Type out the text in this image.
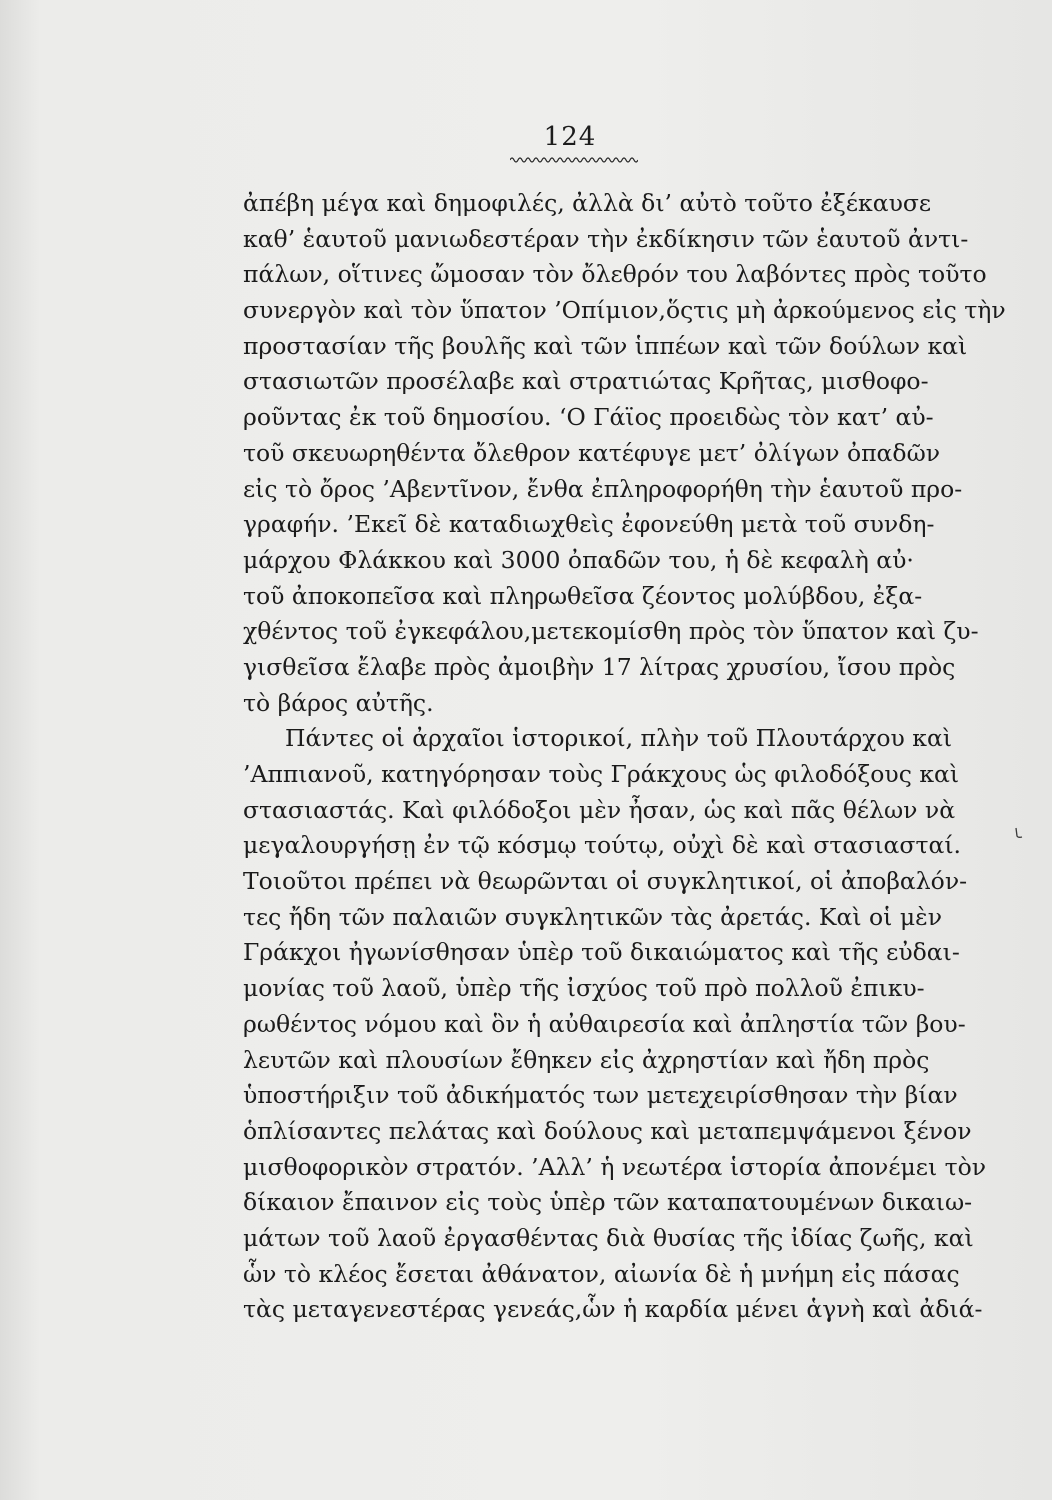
124
ἀπέβη μέγα καὶ δημοφιλές, ἀλλὰ δι’ αὐτὸ τοῦτο ἐξέκαυσε
καθ’ ἑαυτοῦ μανιωδεστέραν τὴν ἐκδίκησιν τῶν ἑαυτοῦ ἀντι-
πάλων, οἵτινες ὤμοσαν τὸν ὄλεθρόν του λαβόντες πρὸς τοῦτο
συνεργὸν καὶ τὸν ὕπατον ’Οπίμιον,ὅςτις μὴ ἀρκούμενος εἰς τὴν
προστασίαν τῆς βουλῆς καὶ τῶν ἱππέων καὶ τῶν δούλων καὶ
στασιωτῶν προσέλαβε καὶ στρατιώτας Κρῆτας, μισθοφο-
ροῦντας ἐκ τοῦ δημοσίου. ‘Ο Γάϊος προειδὼς τὸν κατ’ αὐ-
τοῦ σκευωρηθέντα ὄλεθρον κατέφυγε μετ’ ὀλίγων ὀπαδῶν
εἰς τὸ ὄρος ’Αβεντῖνον, ἔνθα ἐπληροφορήθη τὴν ἑαυτοῦ προ-
γραφήν. ’Εκεῖ δὲ καταδιωχθεὶς ἐφονεύθη μετὰ τοῦ συνδη-
μάρχου Φλάκκου καὶ 3000 ὀπαδῶν του, ἡ δὲ κεφαλὴ αὐ·
τοῦ ἀποκοπεῖσα καὶ πληρωθεῖσα ζέοντος μολύβδου, ἐξα-
χθέντος τοῦ ἐγκεφάλου,μετεκομίσθη πρὸς τὸν ὕπατον καὶ ζυ-
γισθεῖσα ἔλαβε πρὸς ἀμοιβὴν 17 λίτρας χρυσίου, ἴσου πρὸς
τὸ βάρος αὐτῆς.
Πάντες οἱ ἀρχαῖοι ἱστορικοί, πλὴν τοῦ Πλουτάρχου καὶ
’Αππιανοῦ, κατηγόρησαν τοὺς Γράκχους ὡς φιλοδόξους καὶ
στασιαστάς. Καὶ φιλόδοξοι μὲν ἦσαν, ὡς καὶ πᾶς θέλων νὰ
μεγαλουργήσῃ ἐν τῷ κόσμῳ τούτῳ, οὐχὶ δὲ καὶ στασιασταί.
Τοιοῦτοι πρέπει νὰ θεωρῶνται οἱ συγκλητικοί, οἱ ἀποβαλόν-
τες ἤδη τῶν παλαιῶν συγκλητικῶν τὰς ἀρετάς. Καὶ οἱ μὲν
Γράκχοι ἠγωνίσθησαν ὑπὲρ τοῦ δικαιώματος καὶ τῆς εὐδαι-
μονίας τοῦ λαοῦ, ὑπὲρ τῆς ἰσχύος τοῦ πρὸ πολλοῦ ἐπικυ-
ρωθέντος νόμου καὶ ὃν ἡ αὐθαιρεσία καὶ ἀπληστία τῶν βου-
λευτῶν καὶ πλουσίων ἔθηκεν εἰς ἀχρηστίαν καὶ ἤδη πρὸς
ὑποστήριξιν τοῦ ἀδικήματός των μετεχειρίσθησαν τὴν βίαν
ὁπλίσαντες πελάτας καὶ δούλους καὶ μεταπεμψάμενοι ξένον
μισθοφορικὸν στρατόν. ’Αλλ’ ἡ νεωτέρα ἱστορία ἀπονέμει τὸν
δίκαιον ἔπαινον εἰς τοὺς ὑπὲρ τῶν καταπατουμένων δικαιω-
μάτων τοῦ λαοῦ ἐργασθέντας διὰ θυσίας τῆς ἰδίας ζωῆς, καὶ
ὧν τὸ κλέος ἔσεται ἀθάνατον, αἰωνία δὲ ἡ μνήμη εἰς πάσας
τὰς μεταγενεστέρας γενεάς,ὧν ἡ καρδία μένει ἁγνὴ καὶ ἀδιά-
